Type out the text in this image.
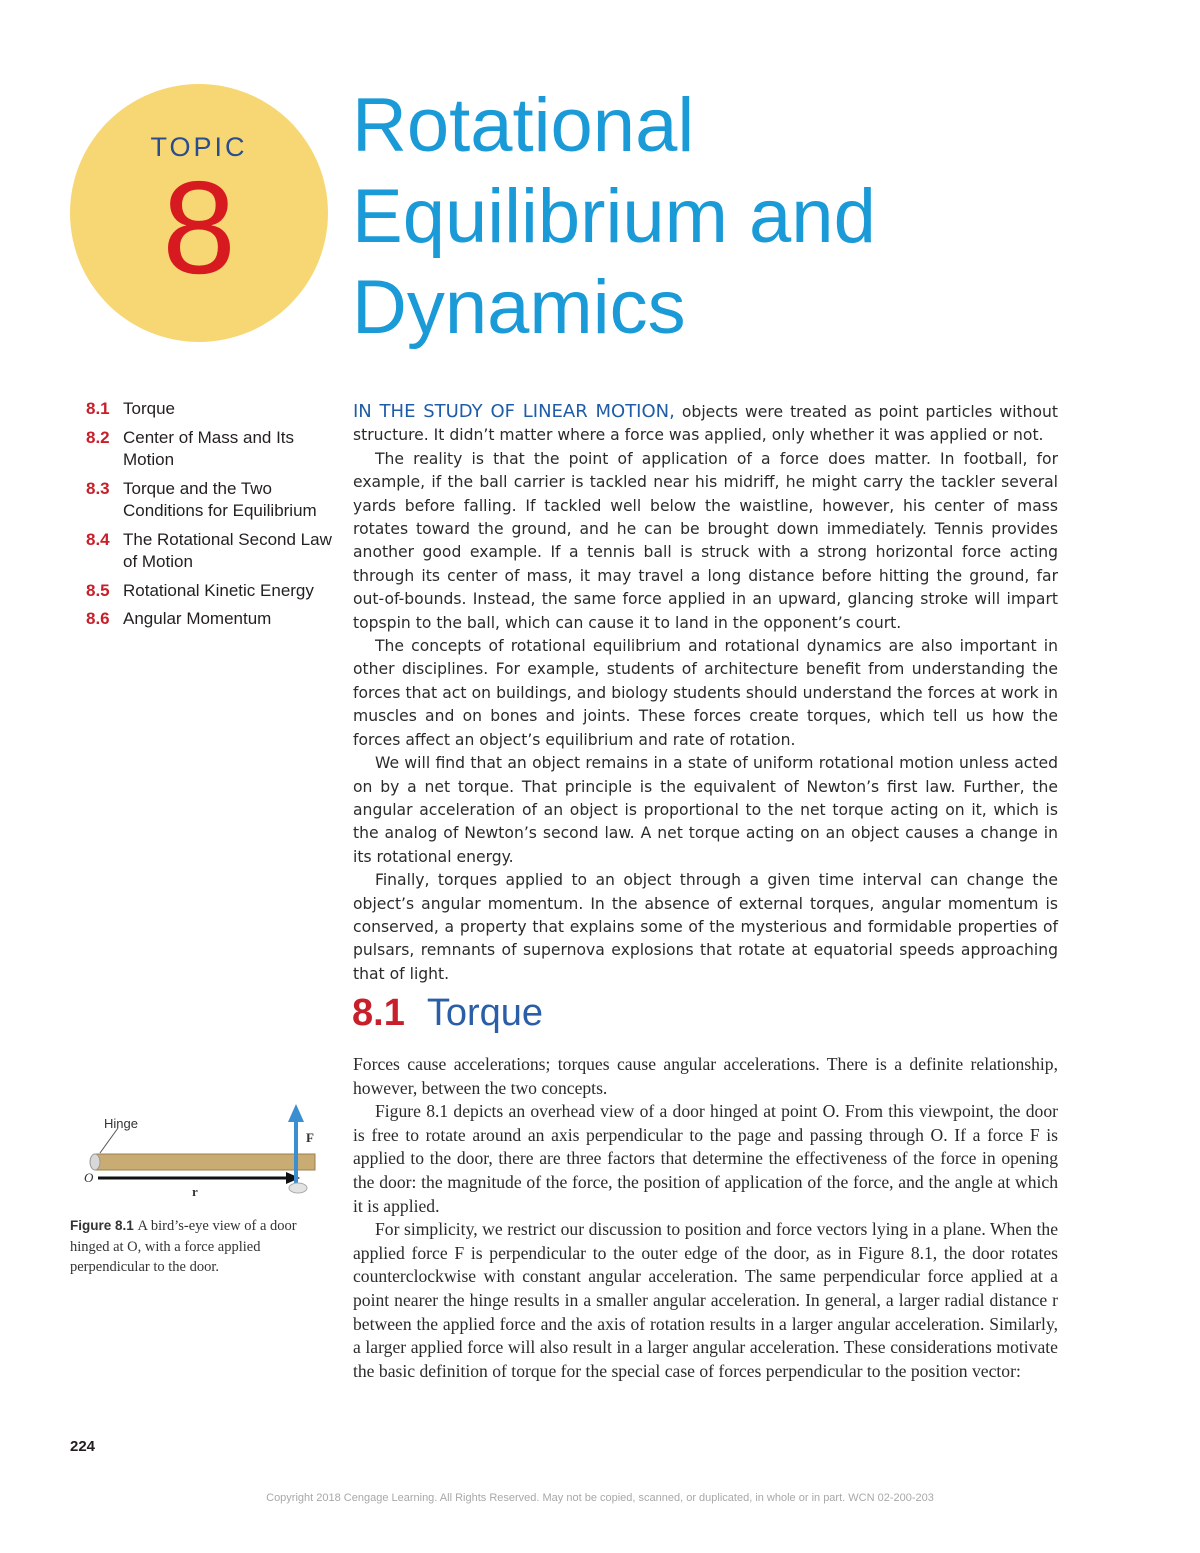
TOPIC
8
Rotational
Equilibrium and
Dynamics
8.1 Torque
8.2 Center of Mass and Its Motion
8.3 Torque and the Two Conditions for Equilibrium
8.4 The Rotational Second Law of Motion
8.5 Rotational Kinetic Energy
8.6 Angular Momentum

IN THE STUDY OF LINEAR MOTION, objects were treated as point particles without structure. It didn’t matter where a force was applied, only whether it was applied or not.

The reality is that the point of application of a force does matter. In football, for example, if the ball carrier is tackled near his midriff, he might carry the tackler several yards before falling. If tackled well below the waistline, however, his center of mass rotates toward the ground, and he can be brought down immediately. Tennis provides another good example. If a tennis ball is struck with a strong horizontal force acting through its center of mass, it may travel a long distance before hitting the ground, far out-of-bounds. Instead, the same force applied in an upward, glancing stroke will impart topspin to the ball, which can cause it to land in the opponent’s court.

The concepts of rotational equilibrium and rotational dynamics are also important in other disciplines. For example, students of architecture benefit from understanding the forces that act on buildings, and biology students should understand the forces at work in muscles and on bones and joints. These forces create torques, which tell us how the forces affect an object’s equilibrium and rate of rotation.

We will find that an object remains in a state of uniform rotational motion unless acted on by a net torque. That principle is the equivalent of Newton’s first law. Further, the angular acceleration of an object is proportional to the net torque acting on it, which is the analog of Newton’s second law. A net torque acting on an object causes a change in its rotational energy.

Finally, torques applied to an object through a given time interval can change the object’s angular momentum. In the absence of external torques, angular momentum is conserved, a property that explains some of the mysterious and formidable properties of pulsars, remnants of supernova explosions that rotate at equatorial speeds approaching that of light.

8.1 Torque

Forces cause accelerations; torques cause angular accelerations. There is a definite relationship, however, between the two concepts.

Figure 8.1 depicts an overhead view of a door hinged at point O. From this viewpoint, the door is free to rotate around an axis perpendicular to the page and passing through O. If a force F is applied to the door, there are three factors that determine the effectiveness of the force in opening the door: the magnitude of the force, the position of application of the force, and the angle at which it is applied.

For simplicity, we restrict our discussion to position and force vectors lying in a plane. When the applied force F is perpendicular to the outer edge of the door, as in Figure 8.1, the door rotates counterclockwise with constant angular acceleration. The same perpendicular force applied at a point nearer the hinge results in a smaller angular acceleration. In general, a larger radial distance r between the applied force and the axis of rotation results in a larger angular acceleration. Similarly, a larger applied force will also result in a larger angular acceleration. These considerations motivate the basic definition of torque for the special case of forces perpendicular to the position vector:

Hinge
O
r
F
Figure 8.1 A bird’s-eye view of a door hinged at O, with a force applied perpendicular to the door.
224
Copyright 2018 Cengage Learning. All Rights Reserved. May not be copied, scanned, or duplicated, in whole or in part. WCN 02-200-203
